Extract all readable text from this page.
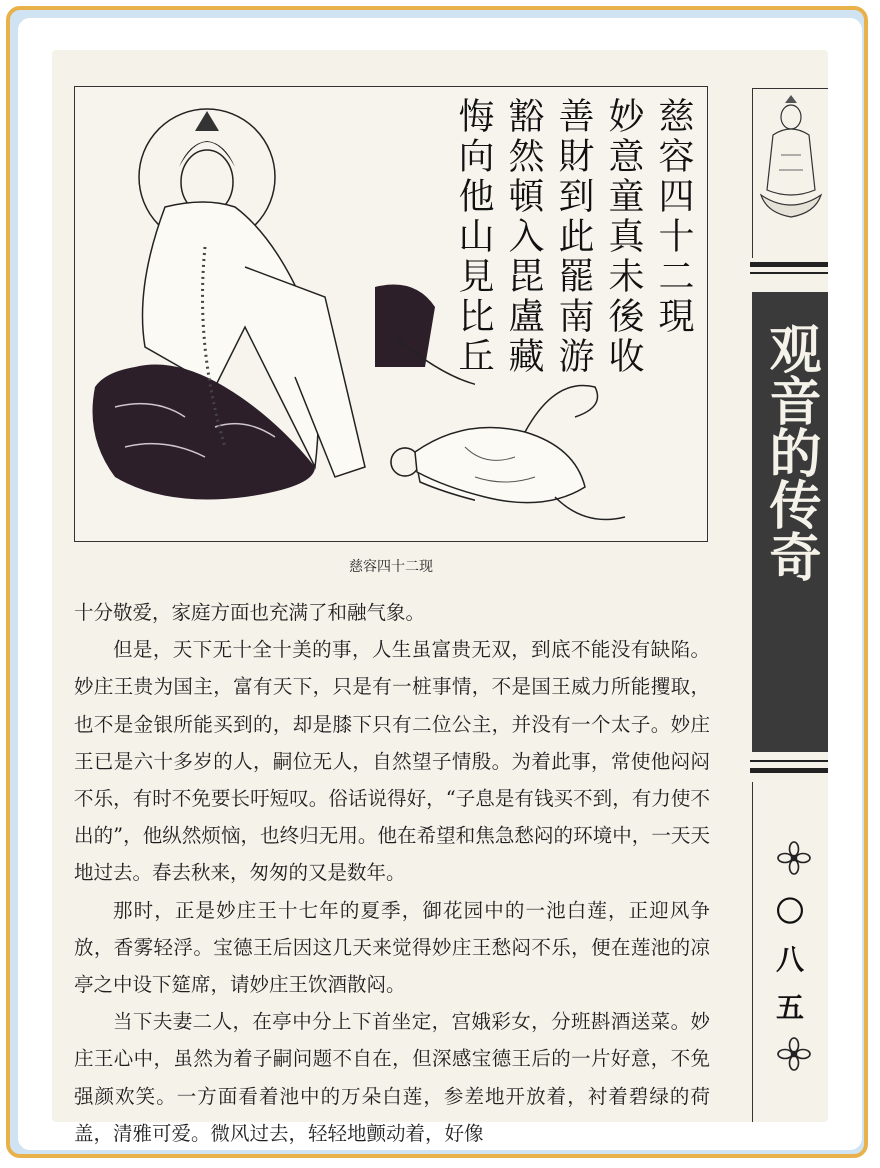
慈容四十二現
妙意童真未後收
善財到此罷南游
豁然頓入毘盧藏
悔向他山見比丘
慈容四十二现

十分敬爱，家庭方面也充满了和融气象。

但是，天下无十全十美的事，人生虽富贵无双，到底不能没有缺陷。妙庄王贵为国主，富有天下，只是有一桩事情，不是国王威力所能攫取，也不是金银所能买到的，却是膝下只有二位公主，并没有一个太子。妙庄王已是六十多岁的人，嗣位无人，自然望子情殷。为着此事，常使他闷闷不乐，有时不免要长吁短叹。俗话说得好，“子息是有钱买不到，有力使不出的”，他纵然烦恼，也终归无用。他在希望和焦急愁闷的环境中，一天天地过去。春去秋来，匆匆的又是数年。

那时，正是妙庄王十七年的夏季，御花园中的一池白莲，正迎风争放，香雾轻浮。宝德王后因这几天来觉得妙庄王愁闷不乐，便在莲池的凉亭之中设下筵席，请妙庄王饮酒散闷。

当下夫妻二人，在亭中分上下首坐定，宫娥彩女，分班斟酒送菜。妙庄王心中，虽然为着子嗣问题不自在，但深感宝德王后的一片好意，不免强颜欢笑。一方面看着池中的万朵白莲，参差地开放着，衬着碧绿的荷盖，清雅可爱。微风过去，轻轻地颤动着，好像

观音的传奇
〇
八
五
